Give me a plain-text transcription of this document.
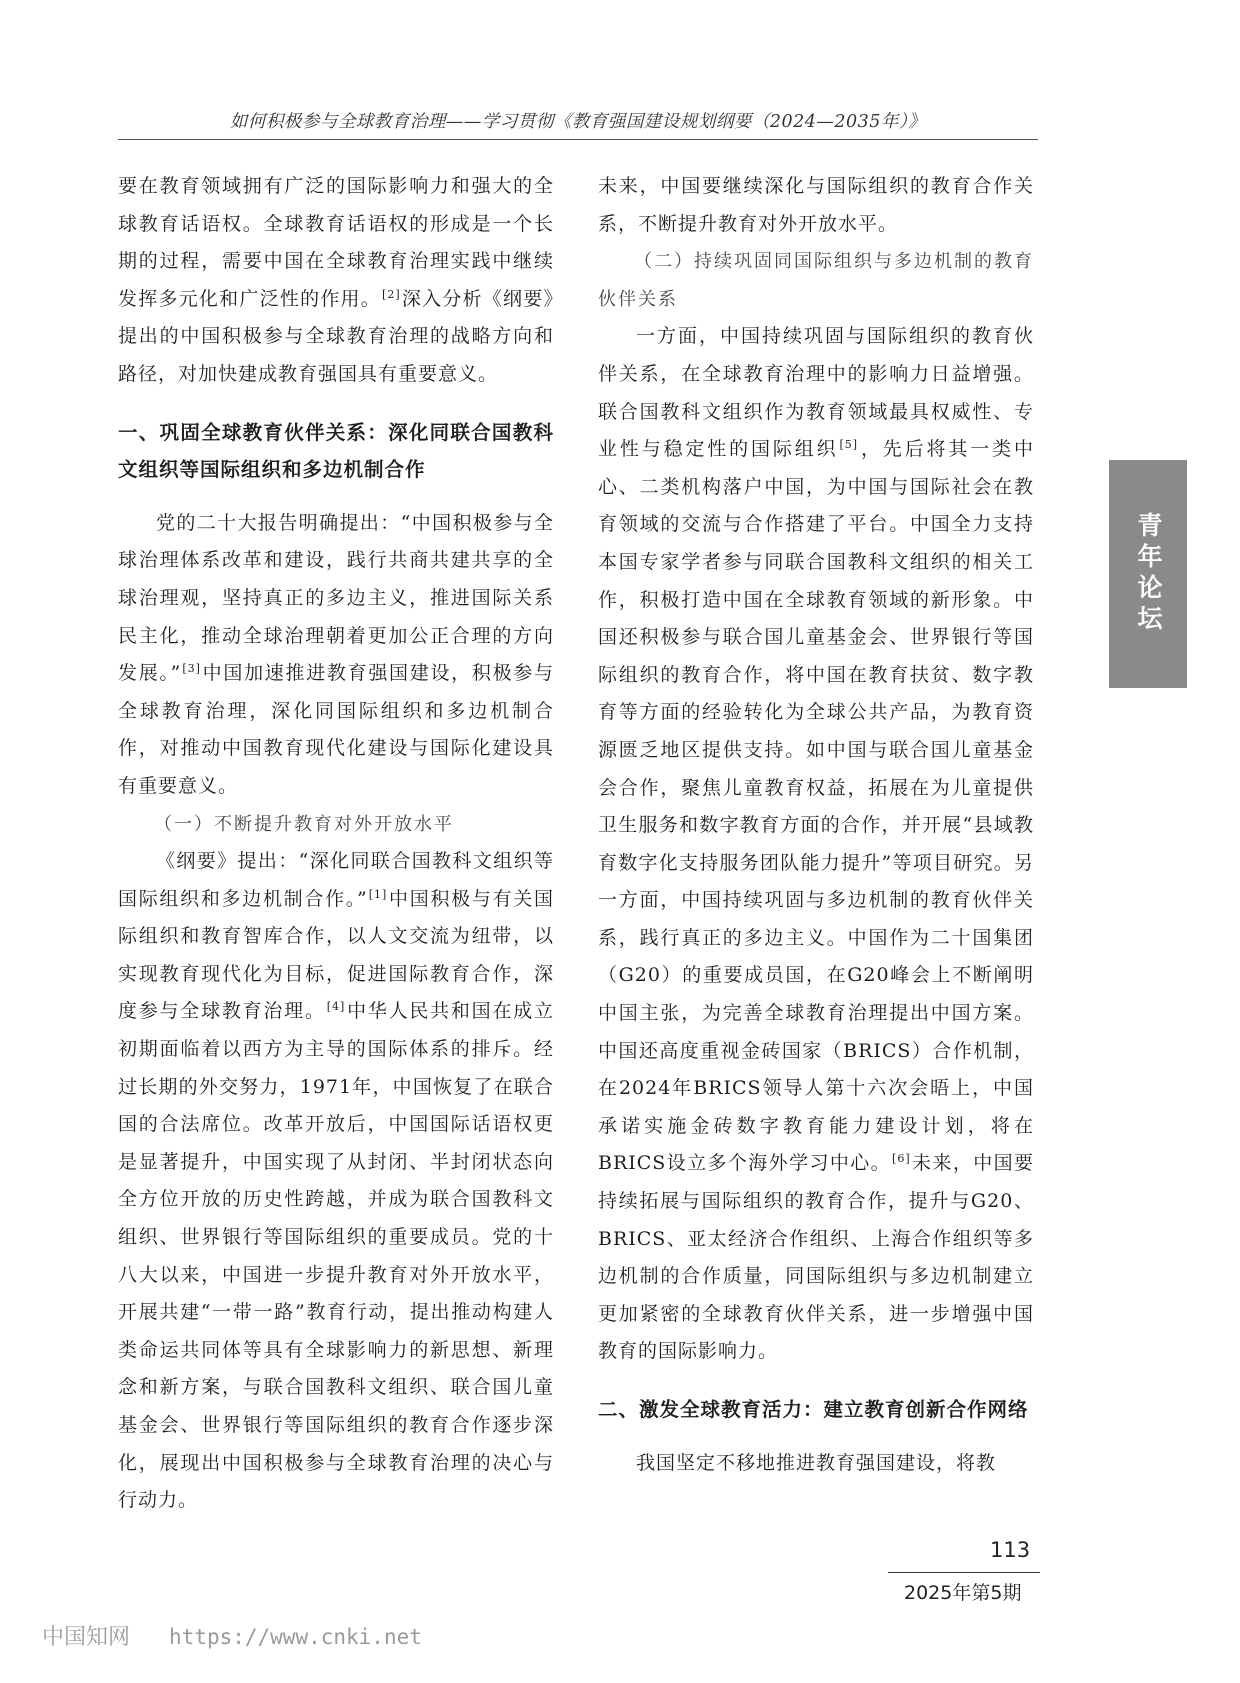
如何积极参与全球教育治理——学习贯彻《教育强国建设规划纲要（2024—2035年）》

要在教育领域拥有广泛的国际影响力和强大的全球教育话语权。全球教育话语权的形成是一个长期的过程，需要中国在全球教育治理实践中继续发挥多元化和广泛性的作用。[2]深入分析《纲要》提出的中国积极参与全球教育治理的战略方向和路径，对加快建成教育强国具有重要意义。

一、巩固全球教育伙伴关系：深化同联合国教科文组织等国际组织和多边机制合作

党的二十大报告明确提出：“中国积极参与全球治理体系改革和建设，践行共商共建共享的全球治理观，坚持真正的多边主义，推进国际关系民主化，推动全球治理朝着更加公正合理的方向发展。”[3]中国加速推进教育强国建设，积极参与全球教育治理，深化同国际组织和多边机制合作，对推动中国教育现代化建设与国际化建设具有重要意义。

（一）不断提升教育对外开放水平

《纲要》提出：“深化同联合国教科文组织等国际组织和多边机制合作。”[1]中国积极与有关国际组织和教育智库合作，以人文交流为纽带，以实现教育现代化为目标，促进国际教育合作，深度参与全球教育治理。[4]中华人民共和国在成立初期面临着以西方为主导的国际体系的排斥。经过长期的外交努力，1971年，中国恢复了在联合国的合法席位。改革开放后，中国国际话语权更是显著提升，中国实现了从封闭、半封闭状态向全方位开放的历史性跨越，并成为联合国教科文组织、世界银行等国际组织的重要成员。党的十八大以来，中国进一步提升教育对外开放水平，开展共建“一带一路”教育行动，提出推动构建人类命运共同体等具有全球影响力的新思想、新理念和新方案，与联合国教科文组织、联合国儿童基金会、世界银行等国际组织的教育合作逐步深化，展现出中国积极参与全球教育治理的决心与行动力。

未来，中国要继续深化与国际组织的教育合作关系，不断提升教育对外开放水平。

（二）持续巩固同国际组织与多边机制的教育伙伴关系

一方面，中国持续巩固与国际组织的教育伙伴关系，在全球教育治理中的影响力日益增强。联合国教科文组织作为教育领域最具权威性、专业性与稳定性的国际组织[5]，先后将其一类中心、二类机构落户中国，为中国与国际社会在教育领域的交流与合作搭建了平台。中国全力支持本国专家学者参与同联合国教科文组织的相关工作，积极打造中国在全球教育领域的新形象。中国还积极参与联合国儿童基金会、世界银行等国际组织的教育合作，将中国在教育扶贫、数字教育等方面的经验转化为全球公共产品，为教育资源匮乏地区提供支持。如中国与联合国儿童基金会合作，聚焦儿童教育权益，拓展在为儿童提供卫生服务和数字教育方面的合作，并开展“县域教育数字化支持服务团队能力提升”等项目研究。另一方面，中国持续巩固与多边机制的教育伙伴关系，践行真正的多边主义。中国作为二十国集团（G20）的重要成员国，在G20峰会上不断阐明中国主张，为完善全球教育治理提出中国方案。中国还高度重视金砖国家（BRICS）合作机制，在2024年BRICS领导人第十六次会晤上，中国承诺实施金砖数字教育能力建设计划，将在BRICS设立多个海外学习中心。[6]未来，中国要持续拓展与国际组织的教育合作，提升与G20、BRICS、亚太经济合作组织、上海合作组织等多边机制的合作质量，同国际组织与多边机制建立更加紧密的全球教育伙伴关系，进一步增强中国教育的国际影响力。

二、激发全球教育活力：建立教育创新合作网络

我国坚定不移地推进教育强国建设，将教

青年论坛
113
2025年第5期
中国知网 https://www.cnki.net
